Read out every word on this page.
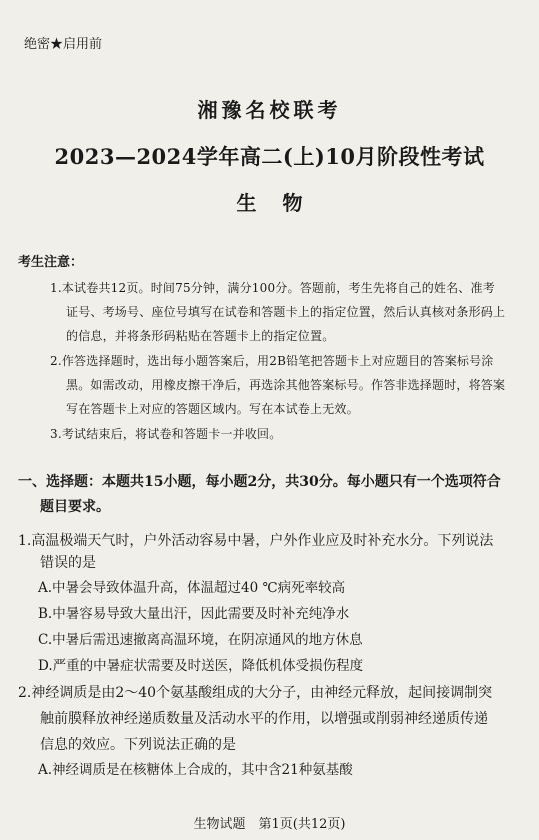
绝密★启用前
湘豫名校联考
2023—2024学年高二(上)10月阶段性考试
生物
考生注意：
1.本试卷共12页。时间75分钟，满分100分。答题前，考生先将自己的姓名、准考
证号、考场号、座位号填写在试卷和答题卡上的指定位置，然后认真核对条形码上
的信息，并将条形码粘贴在答题卡上的指定位置。
2.作答选择题时，选出每小题答案后，用2B铅笔把答题卡上对应题目的答案标号涂
黑。如需改动，用橡皮擦干净后，再选涂其他答案标号。作答非选择题时，将答案
写在答题卡上对应的答题区域内。写在本试卷上无效。
3.考试结束后，将试卷和答题卡一并收回。
一、选择题：本题共15小题，每小题2分，共30分。每小题只有一个选项符合
题目要求。
1.高温极端天气时，户外活动容易中暑，户外作业应及时补充水分。下列说法
错误的是
A.中暑会导致体温升高，体温超过40 ℃病死率较高
B.中暑容易导致大量出汗，因此需要及时补充纯净水
C.中暑后需迅速撤离高温环境，在阴凉通风的地方休息
D.严重的中暑症状需要及时送医，降低机体受损伤程度
2.神经调质是由2～40个氨基酸组成的大分子，由神经元释放，起间接调制突
触前膜释放神经递质数量及活动水平的作用，以增强或削弱神经递质传递
信息的效应。下列说法正确的是
A.神经调质是在核糖体上合成的，其中含21种氨基酸
生物试题　第1页(共12页)
